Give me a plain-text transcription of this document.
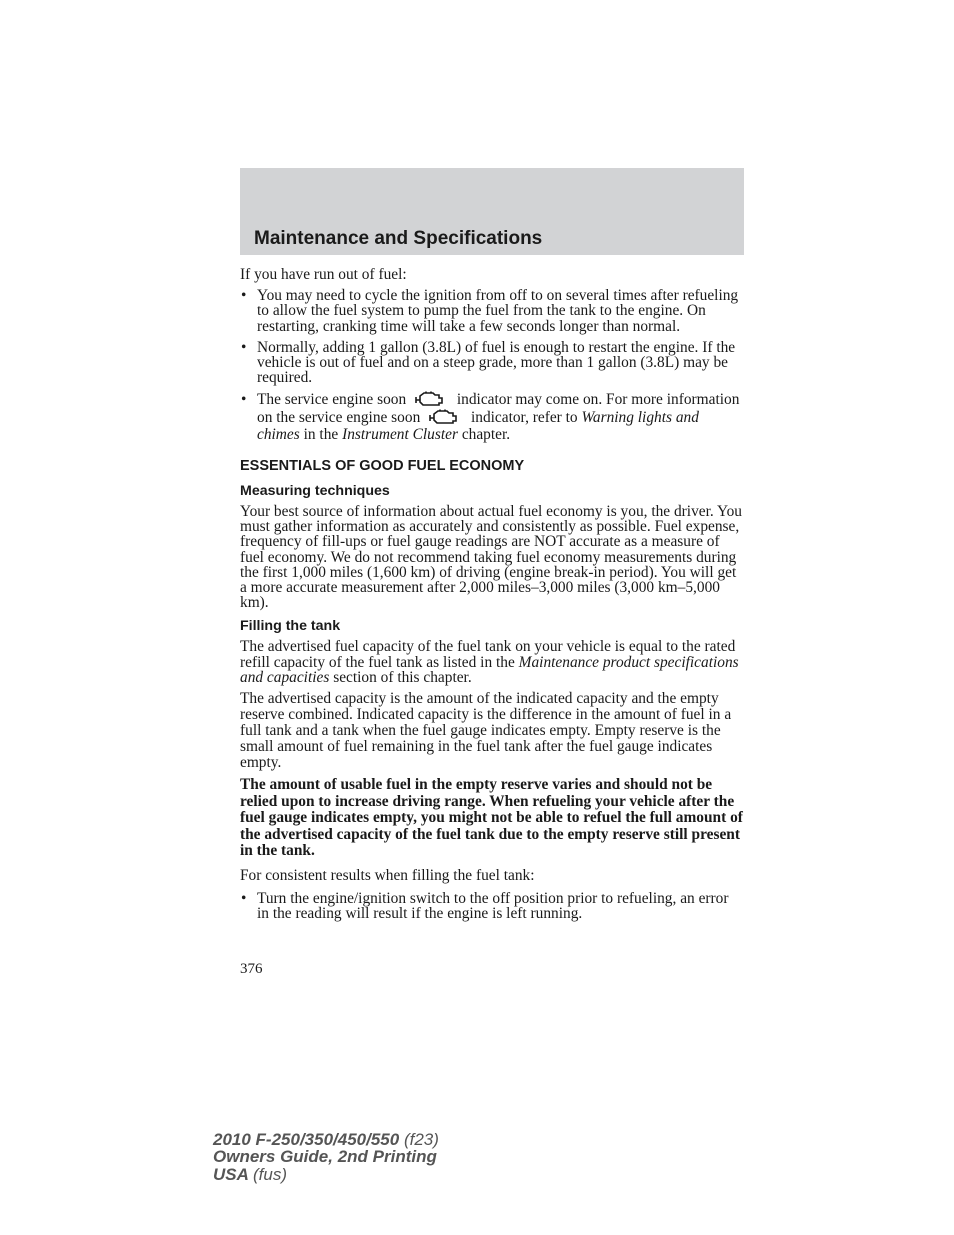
Maintenance and Specifications

If you have run out of fuel:

• You may need to cycle the ignition from off to on several times after refueling to allow the fuel system to pump the fuel from the tank to the engine. On restarting, cranking time will take a few seconds longer than normal.
• Normally, adding 1 gallon (3.8L) of fuel is enough to restart the engine. If the vehicle is out of fuel and on a steep grade, more than 1 gallon (3.8L) may be required.
• The service engine soon	indicator may come on. For more information on the service engine soon	indicator, refer to Warning lights and chimes in the Instrument Cluster chapter.
ESSENTIALS OF GOOD FUEL ECONOMY
Measuring techniques

Your best source of information about actual fuel economy is you, the driver. You must gather information as accurately and consistently as possible. Fuel expense, frequency of fill-ups or fuel gauge readings are NOT accurate as a measure of fuel economy. We do not recommend taking fuel economy measurements during the first 1,000 miles (1,600 km) of driving (engine break-in period). You will get a more accurate measurement after 2,000 miles–3,000 miles (3,000 km–5,000 km).

Filling the tank

The advertised fuel capacity of the fuel tank on your vehicle is equal to the rated refill capacity of the fuel tank as listed in the Maintenance product specifications and capacities section of this chapter.

The advertised capacity is the amount of the indicated capacity and the empty reserve combined. Indicated capacity is the difference in the amount of fuel in a full tank and a tank when the fuel gauge indicates empty. Empty reserve is the small amount of fuel remaining in the fuel tank after the fuel gauge indicates empty.

The amount of usable fuel in the empty reserve varies and should not be relied upon to increase driving range. When refueling your vehicle after the fuel gauge indicates empty, you might not be able to refuel the full amount of the advertised capacity of the fuel tank due to the empty reserve still present in the tank.

For consistent results when filling the fuel tank:

• Turn the engine/ignition switch to the off position prior to refueling, an error in the reading will result if the engine is left running.
376
2010 F-250/350/450/550 (f23)
Owners Guide, 2nd Printing
USA (fus)
